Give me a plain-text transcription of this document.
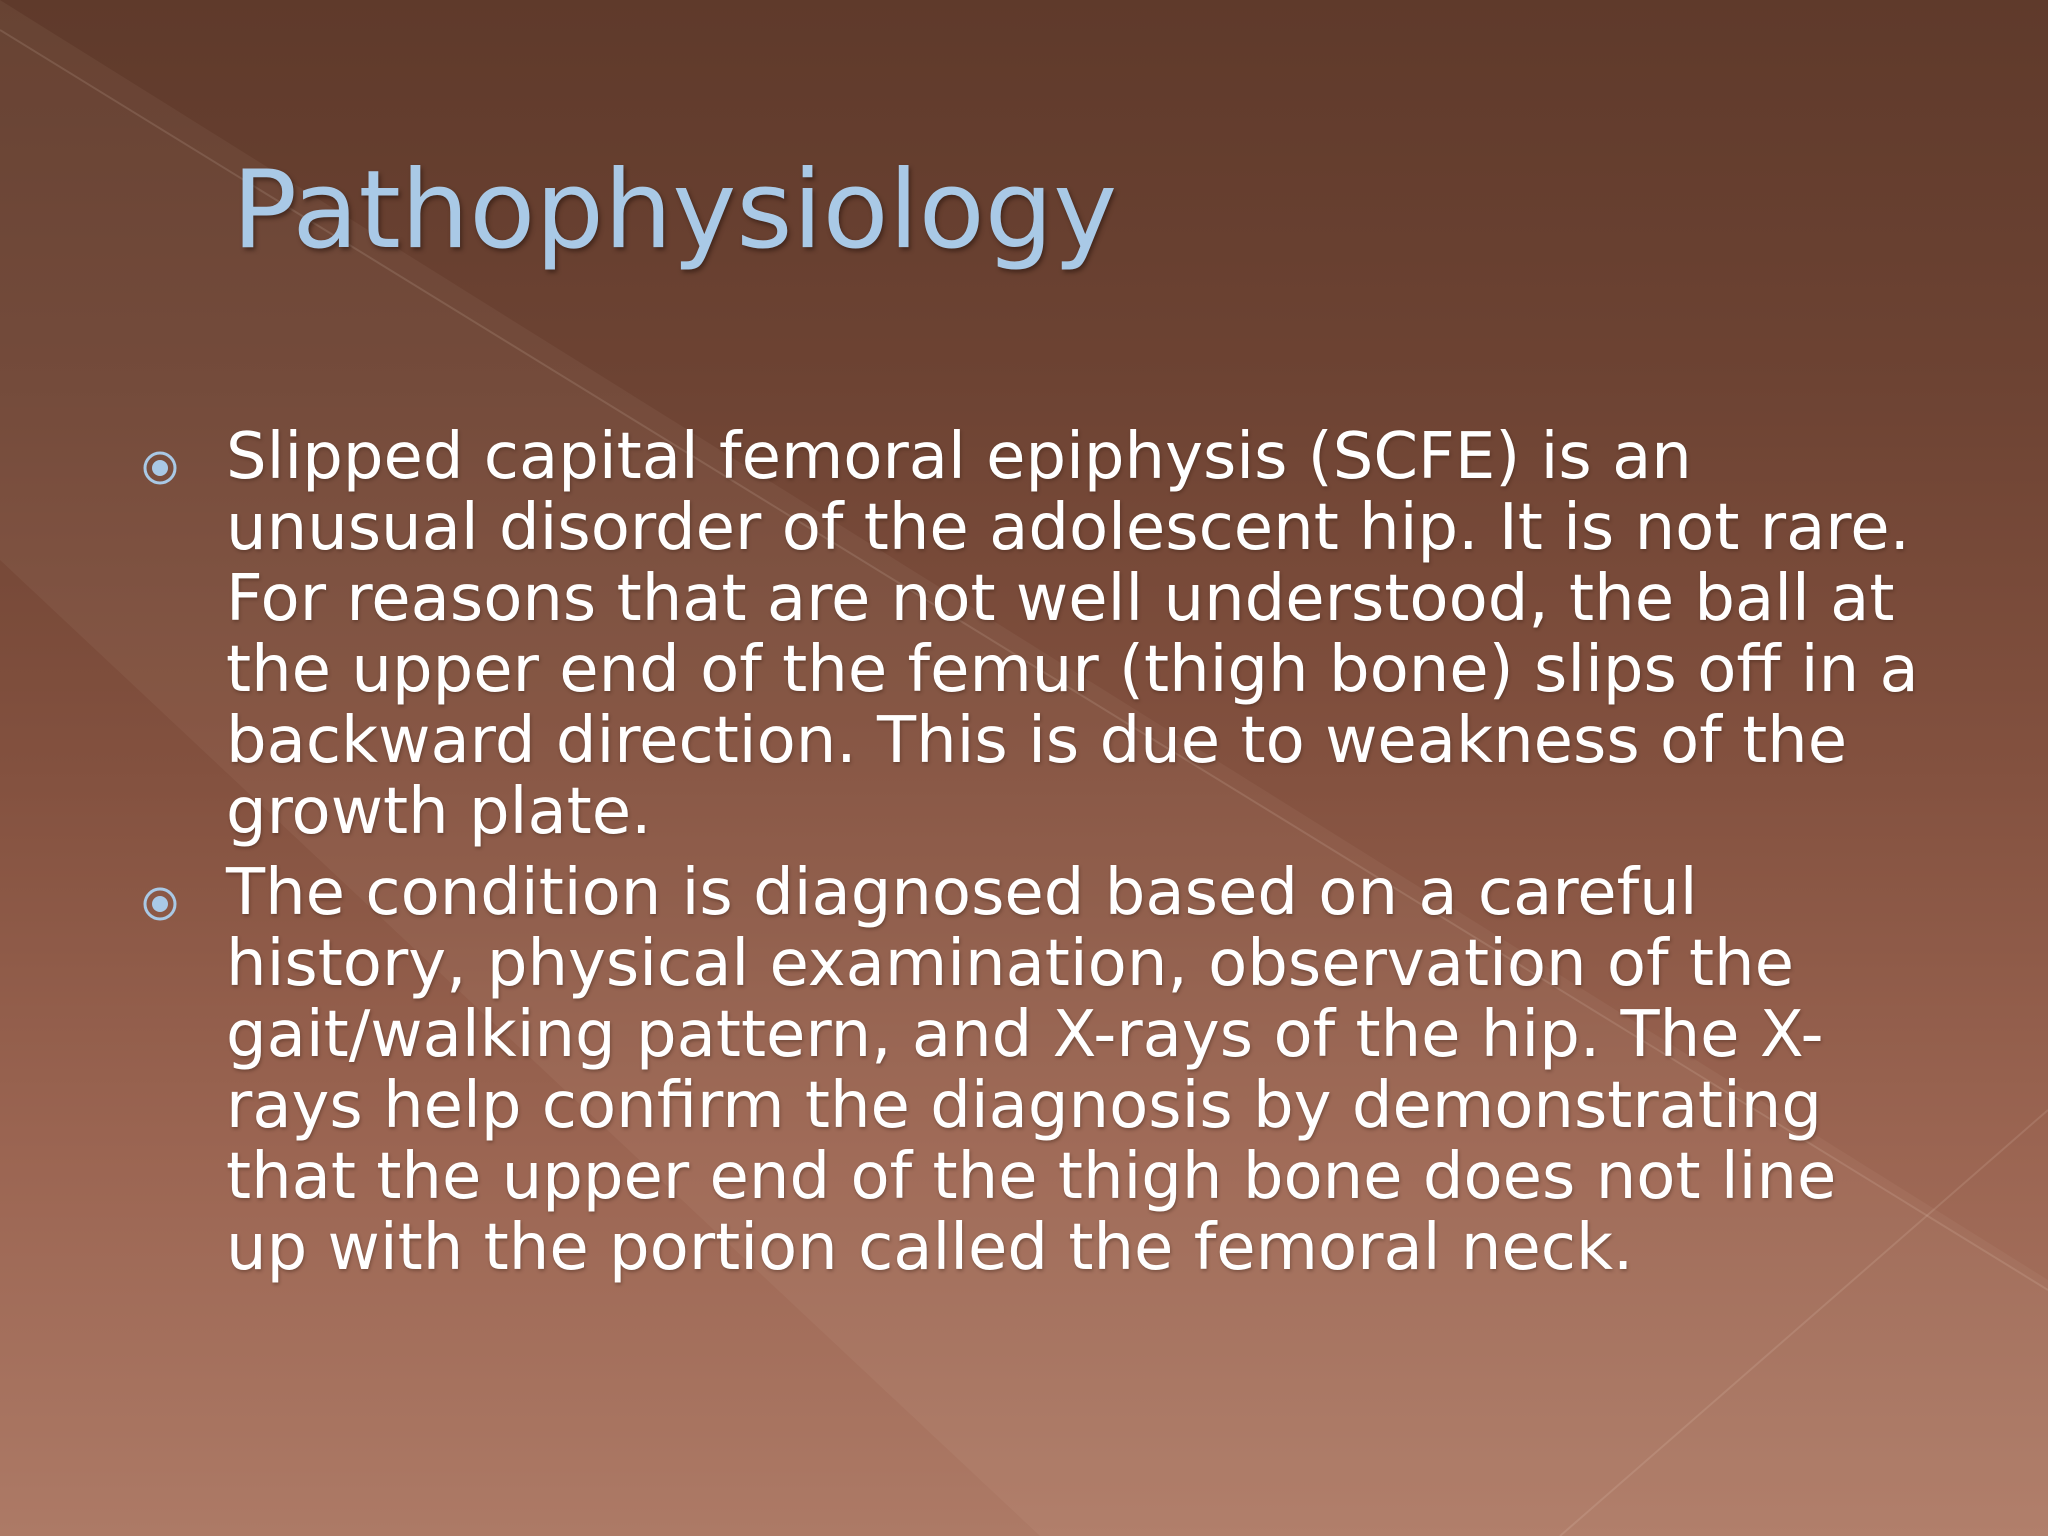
Pathophysiology

Slipped capital femoral epiphysis (SCFE) is an unusual disorder of the adolescent hip. It is not rare. For reasons that are not well understood, the ball at the upper end of the femur (thigh bone) slips off in a backward direction. This is due to weakness of the growth plate.

The condition is diagnosed based on a careful history, physical examination, observation of the gait/walking pattern, and X-rays of the hip. The X-rays help confirm the diagnosis by demonstrating that the upper end of the thigh bone does not line up with the portion called the femoral neck.
